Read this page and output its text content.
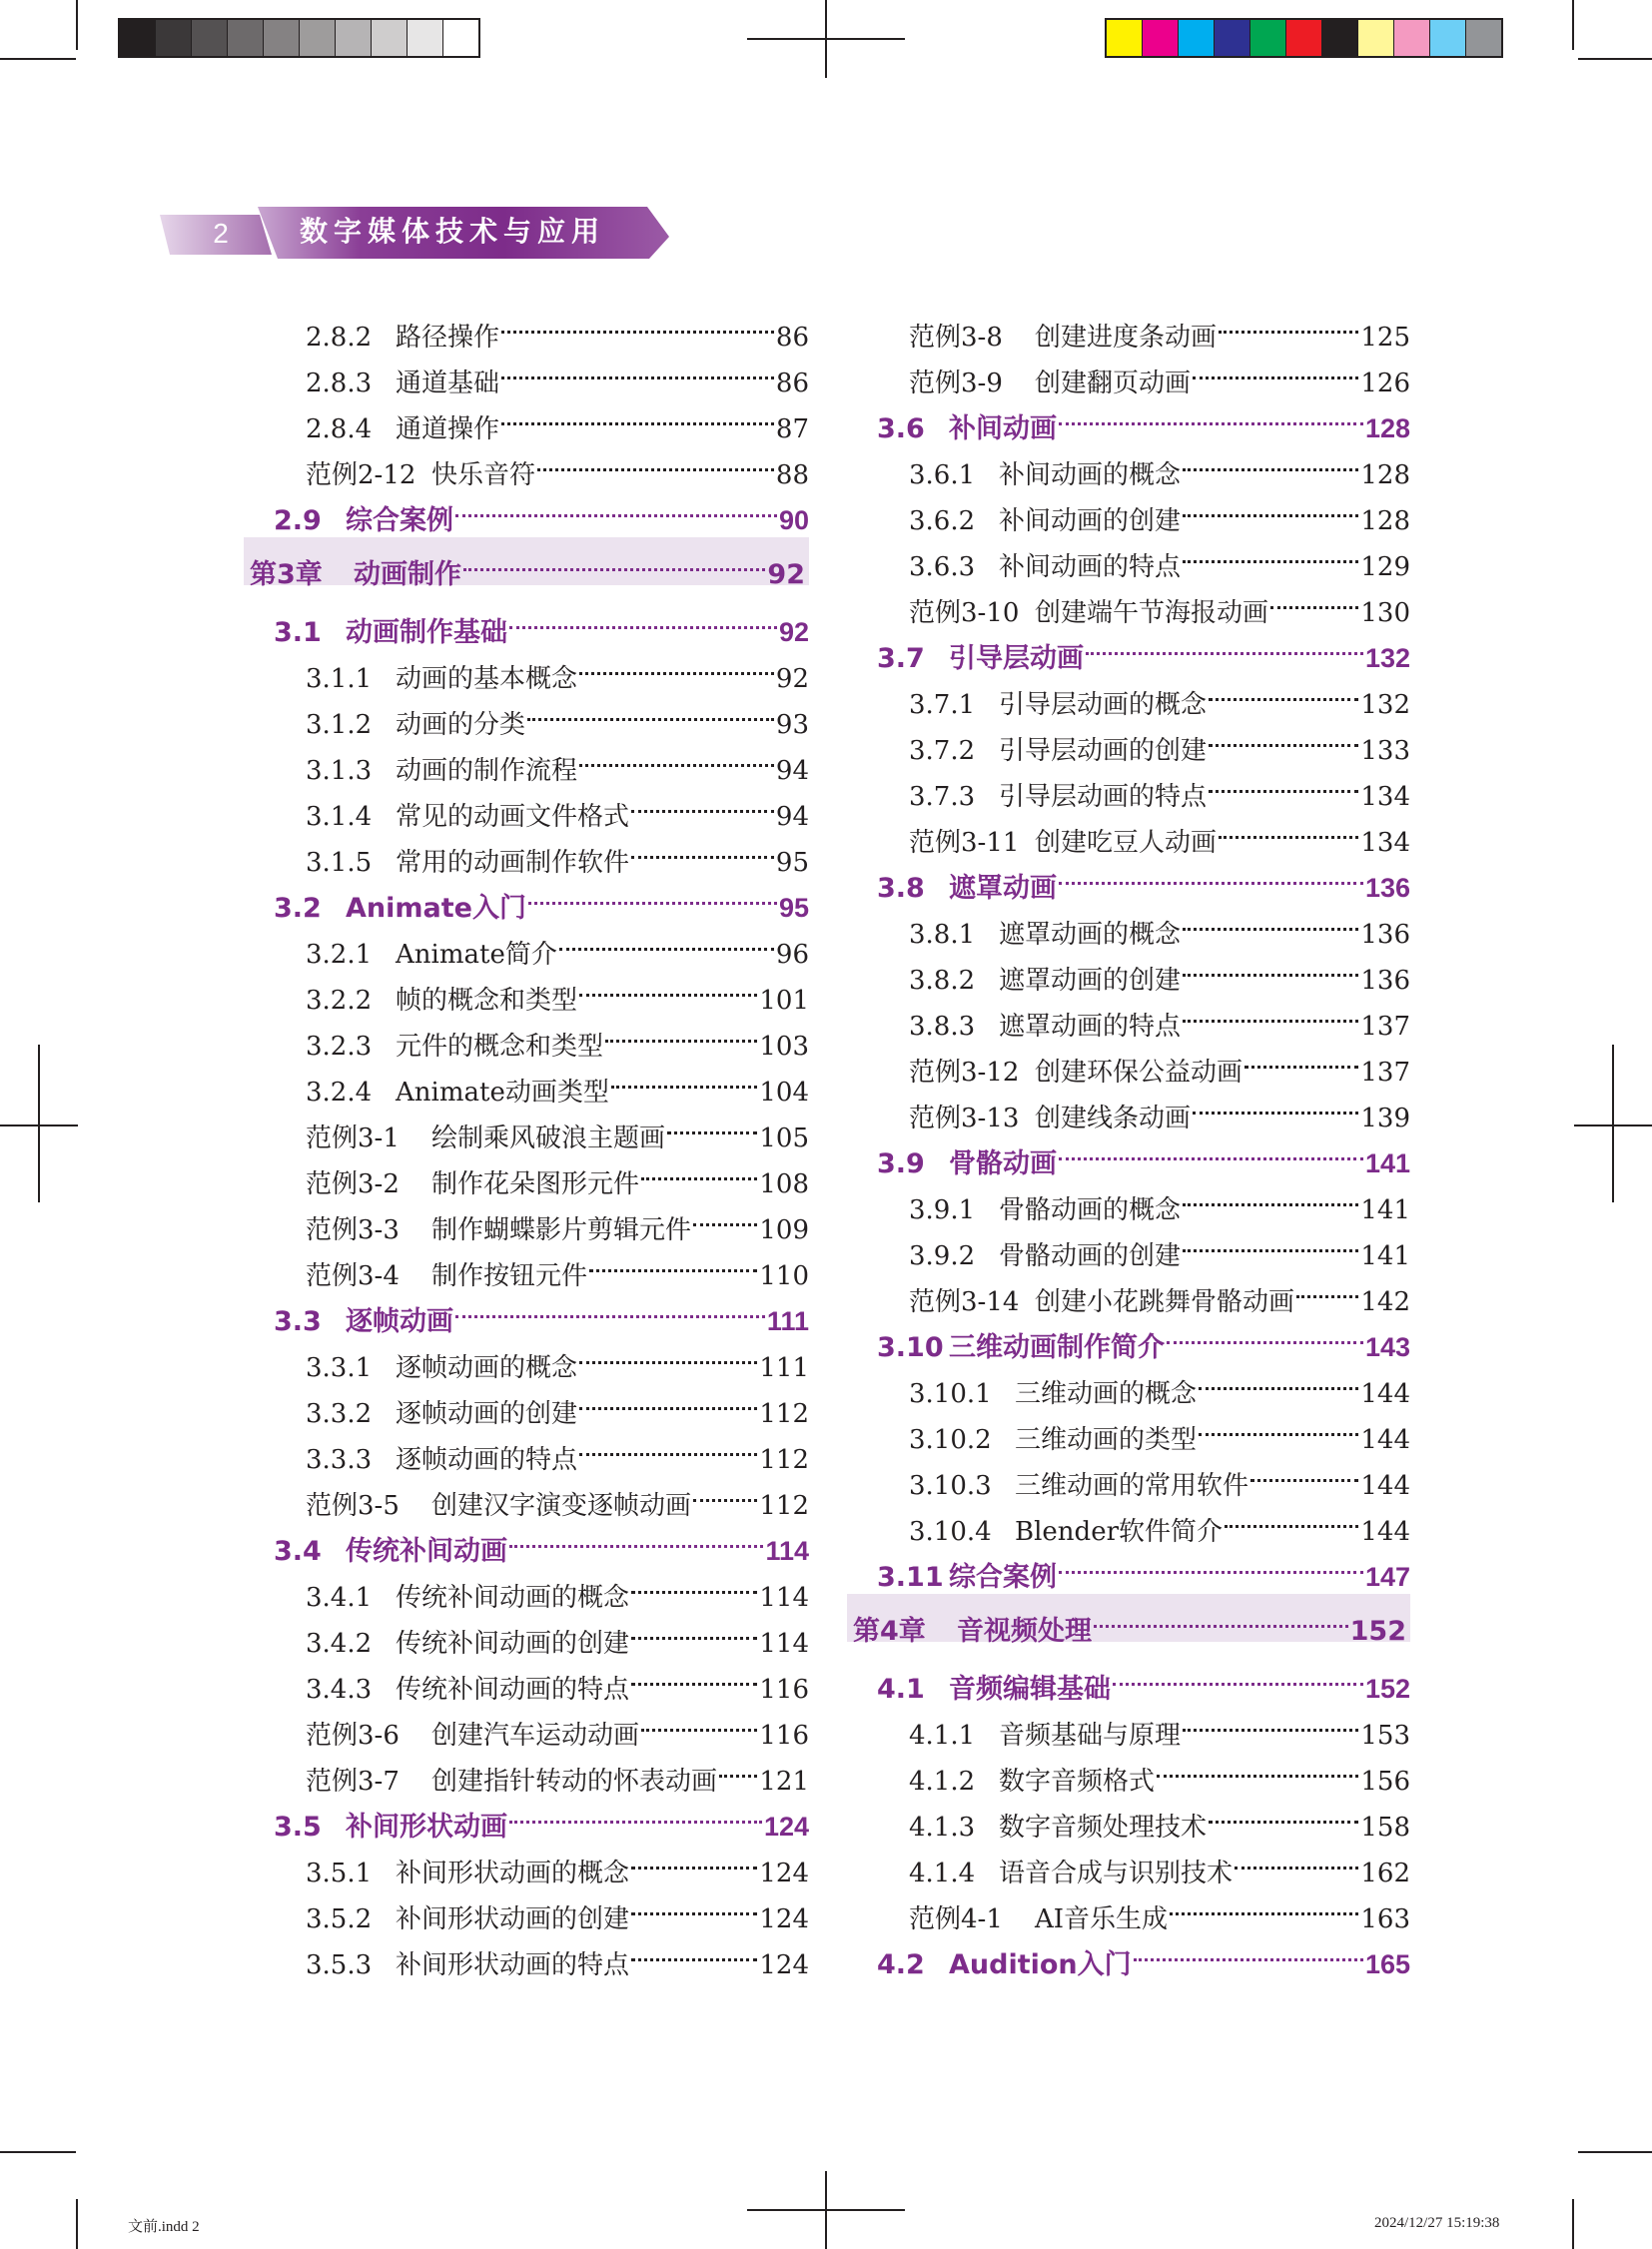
2	数字媒体技术与应用
2.8.2 路径操作	86
2.8.3 通道基础	86
2.8.4 通道操作	87
范例2-12 快乐音符	88
2.9 综合案例	90
第3章 动画制作	92
3.1 动画制作基础	92
3.1.1 动画的基本概念	92
3.1.2 动画的分类	93
3.1.3 动画的制作流程	94
3.1.4 常见的动画文件格式	94
3.1.5 常用的动画制作软件	95
3.2 Animate入门	95
3.2.1 Animate简介	96
3.2.2 帧的概念和类型	101
3.2.3 元件的概念和类型	103
3.2.4 Animate动画类型	104
范例3-1 绘制乘风破浪主题画	105
范例3-2 制作花朵图形元件	108
范例3-3 制作蝴蝶影片剪辑元件	109
范例3-4 制作按钮元件	110
3.3 逐帧动画	111
3.3.1 逐帧动画的概念	111
3.3.2 逐帧动画的创建	112
3.3.3 逐帧动画的特点	112
范例3-5 创建汉字演变逐帧动画	112
3.4 传统补间动画	114
3.4.1 传统补间动画的概念	114
3.4.2 传统补间动画的创建	114
3.4.3 传统补间动画的特点	116
范例3-6 创建汽车运动动画	116
范例3-7 创建指针转动的怀表动画 121
3.5 补间形状动画	124
3.5.1 补间形状动画的概念	124
3.5.2 补间形状动画的创建	124
3.5.3 补间形状动画的特点	124
范例3-8 创建进度条动画	125
范例3-9 创建翻页动画	126
3.6 补间动画	128
3.6.1 补间动画的概念	128
3.6.2 补间动画的创建	128
3.6.3 补间动画的特点	129
范例3-10 创建端午节海报动画	130
3.7 引导层动画	132
3.7.1 引导层动画的概念	132
3.7.2 引导层动画的创建	133
3.7.3 引导层动画的特点	134
范例3-11 创建吃豆人动画	134
3.8 遮罩动画	136
3.8.1 遮罩动画的概念	136
3.8.2 遮罩动画的创建	136
3.8.3 遮罩动画的特点	137
范例3-12 创建环保公益动画	137
范例3-13 创建线条动画	139
3.9 骨骼动画	141
3.9.1 骨骼动画的概念	141
3.9.2 骨骼动画的创建	141
范例3-14 创建小花跳舞骨骼动画	142
3.10 三维动画制作简介	143
3.10.1 三维动画的概念	144
3.10.2 三维动画的类型	144
3.10.3 三维动画的常用软件	144
3.10.4 Blender软件简介	144
3.11 综合案例	147
第4章 音视频处理	152
4.1 音频编辑基础	152
4.1.1 音频基础与原理	153
4.1.2 数字音频格式	156
4.1.3 数字音频处理技术	158
4.1.4 语音合成与识别技术	162
范例4-1 AI音乐生成	163
4.2 Audition入门	165
文前.indd 2	2024/12/27 15:19:38
